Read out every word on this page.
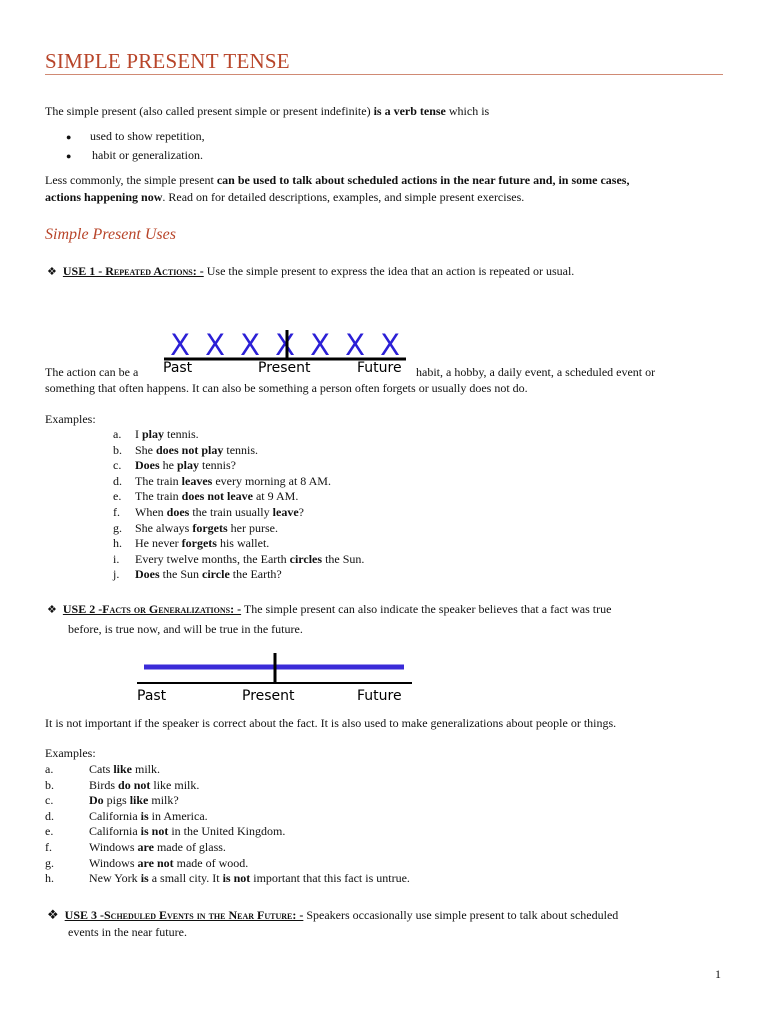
SIMPLE PRESENT TENSE
The simple present (also called present simple or present indefinite) is a verb tense which is
● used to show repetition,
● habit or generalization.
Less commonly, the simple present can be used to talk about scheduled actions in the near future and, in some cases,
actions happening now. Read on for detailed descriptions, examples, and simple present exercises.
Simple Present Uses
❖ USE 1 - Repeated Actions: - Use the simple present to express the idea that an action is repeated or usual.
X X X X X X X
Past	Present	Future
The action can be a	habit, a hobby, a daily event, a scheduled event or
something that often happens. It can also be something a person often forgets or usually does not do.
Examples:
a. I play tennis.
b. She does not play tennis.
c. Does he play tennis?
d. The train leaves every morning at 8 AM.
e. The train does not leave at 9 AM.
f. When does the train usually leave?
g. She always forgets her purse.
h. He never forgets his wallet.
i. Every twelve months, the Earth circles the Sun.
j. Does the Sun circle the Earth?
❖ USE 2 -Facts or Generalizations: - The simple present can also indicate the speaker believes that a fact was true
before, is true now, and will be true in the future.
Past	Present	Future
It is not important if the speaker is correct about the fact. It is also used to make generalizations about people or things.
Examples:
a.	Cats like milk.
b.	Birds do not like milk.
c.	Do pigs like milk?
d.	California is in America.
e.	California is not in the United Kingdom.
f.	Windows are made of glass.
g.	Windows are not made of wood.
h.	New York is a small city. It is not important that this fact is untrue.
❖ USE 3 -Scheduled Events in the Near Future: - Speakers occasionally use simple present to talk about scheduled
events in the near future.
1
